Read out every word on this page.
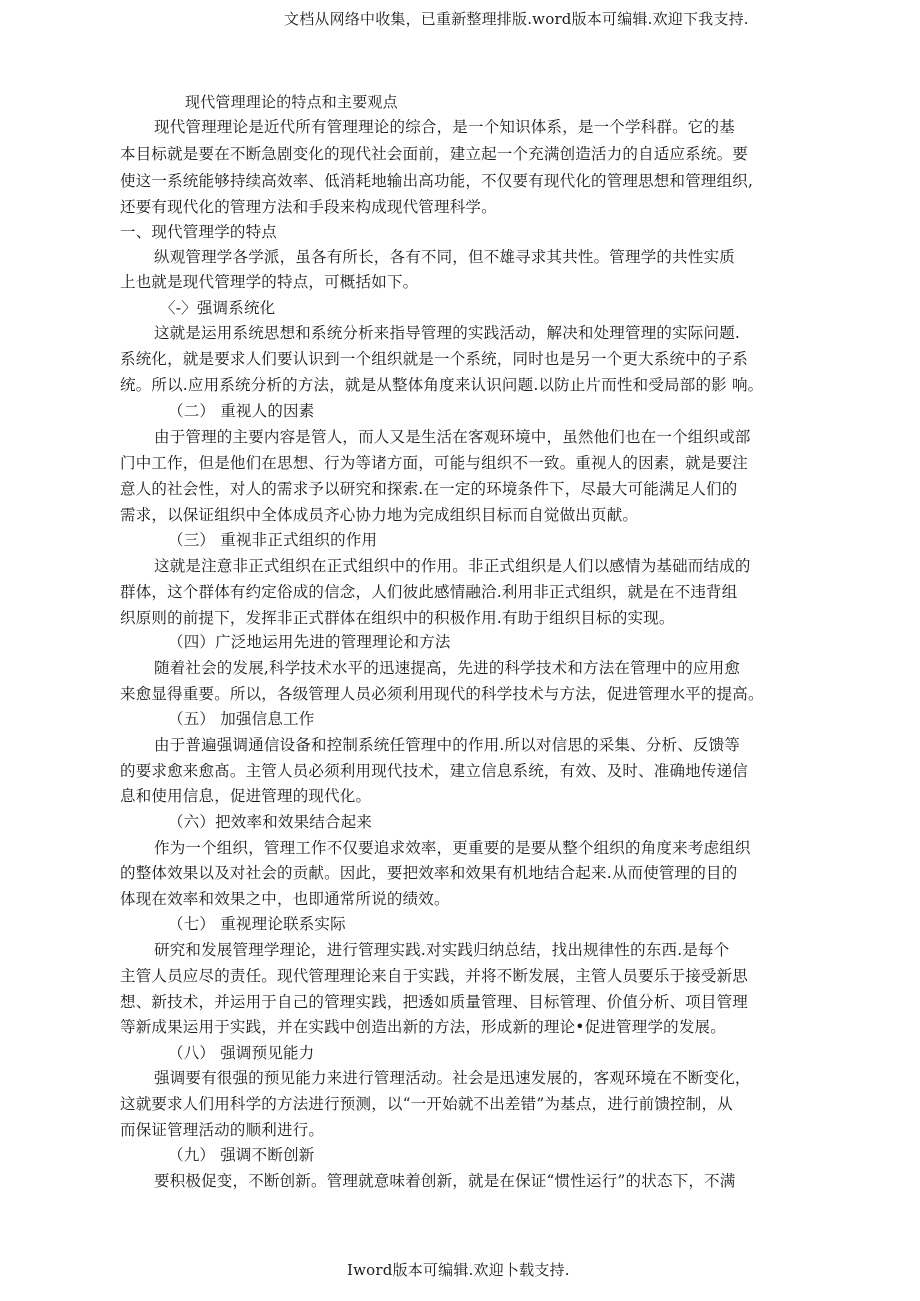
文档从网络中收集，已重新整理排版.word版本可编辑.欢迎下我支持.
现代管理理论的特点和主要观点
现代管理理论是近代所有管理理论的综合，是一个知识体系，是一个学科群。它的基
本目标就是要在不断急剧变化的现代社会面前，建立起一个充满创造活力的自适应系统。要
使这一系统能够持续高效率、低消耗地输出高功能，不仅要有现代化的管理思想和管理组织,
还要有现代化的管理方法和手段来构成现代管理科学。
一、现代管理学的特点
纵观管理学各学派，虽各有所长，各有不同，但不雄寻求其共性。管理学的共性实质
上也就是现代管理学的特点，可概括如下。
〈-〉强调系统化
这就是运用系统思想和系统分析来指导管理的实践活动，解决和处理管理的实际问题.
系统化，就是要求人们要认识到一个组织就是一个系统，同时也是另一个更大系统中的子系
统。所以.应用系统分析的方法，就是从整体角度来认识问题.以防止片而性和受局部的影 响。
（二） 重视人的因素
由于管理的主要内容是管人，而人又是生活在客观环境中，虽然他们也在一个组织或部
门中工作，但是他们在思想、行为等诸方面，可能与组织不一致。重视人的因素，就是要注
意人的社会性，对人的需求予以研究和探索.在一定的环境条件下，尽最大可能满足人们的
需求，以保证组织中全体成员齐心协力地为完成组织目标而自觉做出页献。
（三） 重视非正式组织的作用
这就是注意非正式组织在正式组织中的作用。非正式组织是人们以感情为基础而结成的
群体，这个群体有约定俗成的信念，人们彼此感情融洽.利用非正式组织，就是在不违背组
织原则的前提下，发挥非正式群体在组织中的积极作用.有助于组织目标的实现。
（四）广泛地运用先进的管理理论和方法
随着社会的发展,科学技术水平的迅速提高，先进的科学技术和方法在管理中的应用愈
来愈显得重要。所以，各级管理人员必须利用现代的科学技术与方法，促进管理水平的提高。
（五） 加强信息工作
由于普遍强调通信设备和控制系统任管理中的作用.所以对信思的采集、分析、反馈等
的要求愈来愈髙。主管人员必须利用现代技术，建立信息系统，有效、及时、准确地传递信
息和使用信息，促进管理的现代化。
（六）把效率和效果结合起来
作为一个组织，管理工作不仅要追求效率，更重要的是要从整个组织的角度来考虑组织
的整体效果以及对社会的贡献。因此，要把效率和效果有机地结合起来.从而使管理的目的
体现在效率和效果之中，也即通常所说的绩效。
（七） 重视理论联系实际
研究和发展管理学理论，进行管理实践.对实践归纳总结，找出规律性的东西.是每个
主管人员应尽的责任。现代管理理论来自于实践，并将不断发展，主管人员要乐于接受新思
想、新技术，并运用于自己的管理实践，把透如质量管理、目标管理、价值分析、项目管理
等新成果运用于实践，并在实践中创造出新的方法，形成新的理论•促进管理学的发展。
（八） 强调预见能力
强调要有很强的预见能力来进行管理活动。社会是迅速发展的，客观环境在不断变化，
这就要求人们用科学的方法进行预测，以“一开始就不出差错”为基点，进行前馈控制，从
而保证管理活动的顺利进行。
（九） 强调不断创新
要积极促变，不断创新。管理就意味着创新，就是在保证“惯性运行”的状态下，不满
Iword版本可编辑.欢迎卜载支持.
